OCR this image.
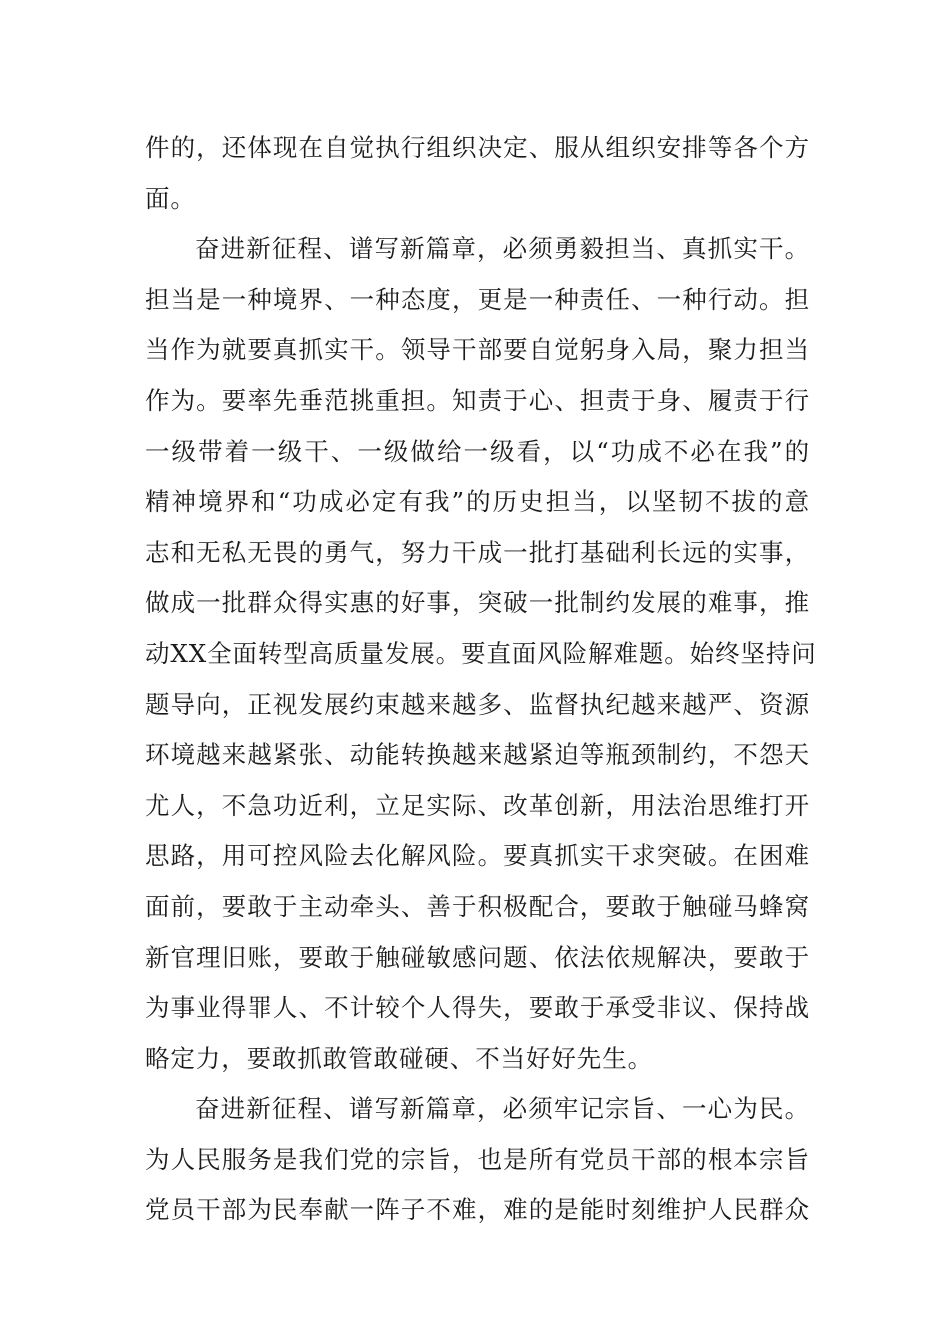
件的，还体现在自觉执行组织决定、服从组织安排等各个方
面。
奋进新征程、谱写新篇章，必须勇毅担当、真抓实干。
担当是一种境界、一种态度，更是一种责任、一种行动。担
当作为就要真抓实干。领导干部要自觉躬身入局，聚力担当
作为。要率先垂范挑重担。知责于心、担责于身、履责于行
一级带着一级干、一级做给一级看，以“功成不必在我”的
精神境界和“功成必定有我”的历史担当，以坚韧不拔的意
志和无私无畏的勇气，努力干成一批打基础利长远的实事，
做成一批群众得实惠的好事，突破一批制约发展的难事，推
动XX全面转型高质量发展。要直面风险解难题。始终坚持问
题导向，正视发展约束越来越多、监督执纪越来越严、资源
环境越来越紧张、动能转换越来越紧迫等瓶颈制约，不怨天
尤人，不急功近利，立足实际、改革创新，用法治思维打开
思路，用可控风险去化解风险。要真抓实干求突破。在困难
面前，要敢于主动牵头、善于积极配合，要敢于触碰马蜂窝
新官理旧账，要敢于触碰敏感问题、依法依规解决，要敢于
为事业得罪人、不计较个人得失，要敢于承受非议、保持战
略定力，要敢抓敢管敢碰硬、不当好好先生。
奋进新征程、谱写新篇章，必须牢记宗旨、一心为民。
为人民服务是我们党的宗旨，也是所有党员干部的根本宗旨
党员干部为民奉献一阵子不难，难的是能时刻维护人民群众
